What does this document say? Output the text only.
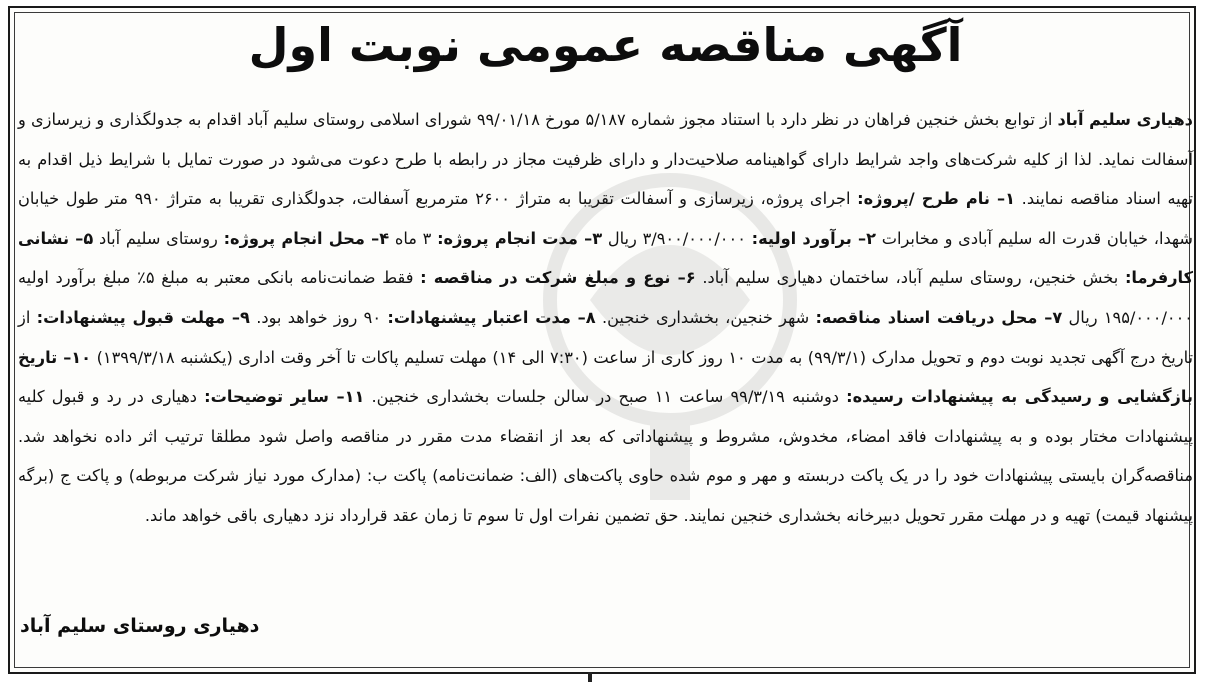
آگهی مناقصه عمومی نوبت اول
دهیاری سلیم آباد از توابع بخش خنجین فراهان در نظر دارد با استناد مجوز شماره ۵/۱۸۷ مورخ ۹۹/۰۱/۱۸ شورای اسلامی روستای سلیم آباد اقدام به جدولگذاری و زیرسازی و آسفالت نماید. لذا از کلیه شرکت‌های واجد شرایط دارای گواهینامه صلاحیت‌دار و دارای ظرفیت مجاز در رابطه با طرح دعوت می‌شود در صورت تمایل با شرایط ذیل اقدام به تهیه اسناد مناقصه نمایند. ۱– نام طرح /پروژه: اجرای پروژه، زیرسازی و آسفالت تقریبا به متراژ ۲۶۰۰ مترمربع آسفالت، جدولگذاری تقریبا به متراژ ۹۹۰ متر طول خیابان شهدا، خیابان قدرت اله سلیم آبادی و مخابرات ۲– برآورد اولیه: ۳/۹۰۰/۰۰۰/۰۰۰ ریال ۳– مدت انجام پروژه: ۳ ماه ۴– محل انجام پروژه: روستای سلیم آباد ۵– نشانی کارفرما: بخش خنجین، روستای سلیم آباد، ساختمان دهیاری سلیم آباد. ۶– نوع و مبلغ شرکت در مناقصه : فقط ضمانت‌نامه بانکی معتبر به مبلغ ۵٪ مبلغ برآورد اولیه ۱۹۵/۰۰۰/۰۰۰ ریال ۷– محل دریافت اسناد مناقصه: شهر خنجین، بخشداری خنجین. ۸– مدت اعتبار پیشنهادات: ۹۰ روز خواهد بود. ۹– مهلت قبول پیشنهادات: از تاریخ درج آگهی تجدید نوبت دوم و تحویل مدارک (۹۹/۳/۱) به مدت ۱۰ روز کاری از ساعت (۷:۳۰ الی ۱۴) مهلت تسلیم پاکات تا آخر وقت اداری (یکشنبه ۱۳۹۹/۳/۱۸) ۱۰– تاریخ بازگشایی و رسیدگی به پیشنهادات رسیده: دوشنبه ۹۹/۳/۱۹ ساعت ۱۱ صبح در سالن جلسات بخشداری خنجین. ۱۱– سایر توضیحات: دهیاری در رد و قبول کلیه پیشنهادات مختار بوده و به پیشنهادات فاقد امضاء، مخدوش، مشروط و پیشنهاداتی که بعد از انقضاء مدت مقرر در مناقصه واصل شود مطلقا ترتیب اثر داده نخواهد شد. مناقصه‌گران بایستی پیشنهادات خود را در یک پاکت دربسته و مهر و موم شده حاوی پاکت‌های (الف: ضمانت‌نامه) پاکت ب: (مدارک مورد نیاز شرکت مربوطه) و پاکت ج (برگه پیشنهاد قیمت) تهیه و در مهلت مقرر تحویل دبیرخانه بخشداری خنجین نمایند. حق تضمین نفرات اول تا سوم تا زمان عقد قرارداد نزد دهیاری باقی خواهد ماند.
دهیاری روستای سلیم آباد
